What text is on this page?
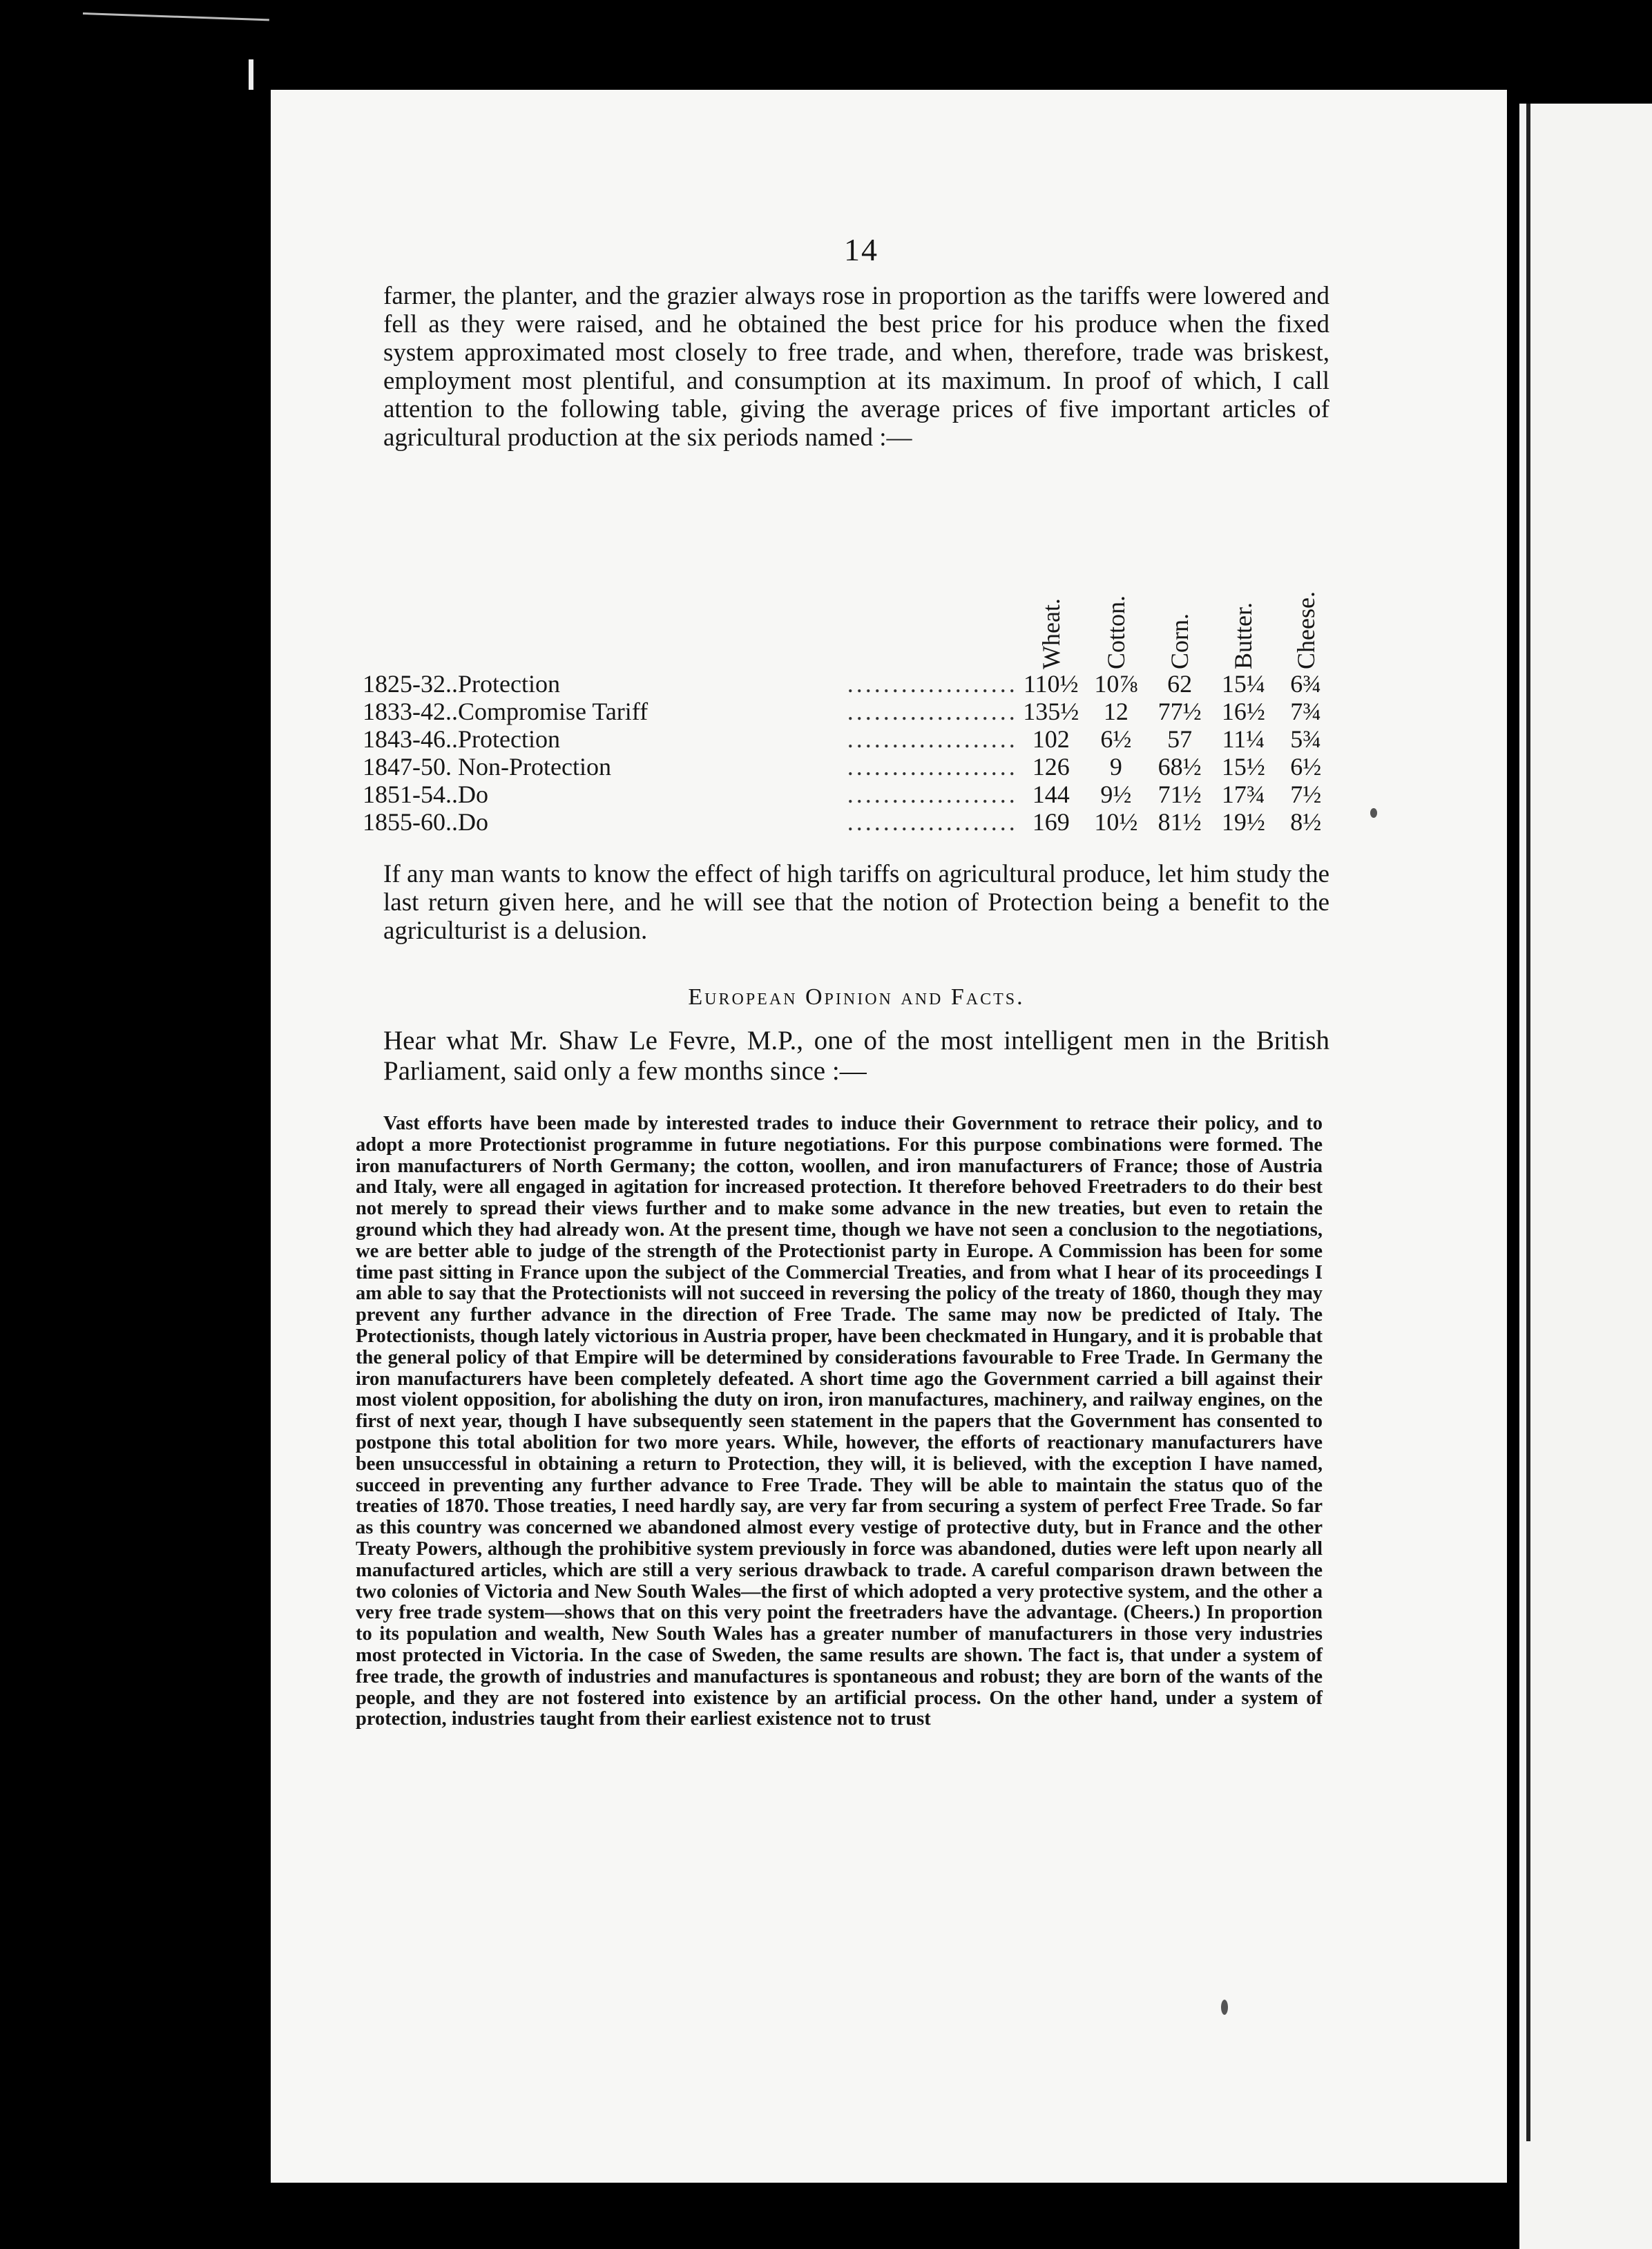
14

farmer, the planter, and the grazier always rose in proportion as the tariffs were lowered and fell as they were raised, and he obtained the best price for his produce when the fixed system approximated most closely to free trade, and when, therefore, trade was briskest, employment most plentiful, and consumption at its maximum. In proof of which, I call attention to the following table, giving the average prices of five important articles of agricultural production at the six periods named :—

			Wheat.	Cotton.	Corn.	Butter.	Cheese.
1825-32..	Protection	...................	110½	10⅞	62	15¼	6¾
1833-42..	Compromise Tariff	...................	135½	12	77½	16½	7¾
1843-46..	Protection	...................	102	6½	57	11¼	5¾
1847-50.	Non-Protection	...................	126	9	68½	15½	6½
1851-54..	Do	...................	144	9½	71½	17¾	7½
1855-60..	Do	...................	169	10½	81½	19½	8½

If any man wants to know the effect of high tariffs on agricultural produce, let him study the last return given here, and he will see that the notion of Protection being a benefit to the agriculturist is a delusion.

European Opinion and Facts.

Hear what Mr. Shaw Le Fevre, M.P., one of the most intelligent men in the British Parliament, said only a few months since :—

Vast efforts have been made by interested trades to induce their Government to retrace their policy, and to adopt a more Protectionist programme in future negotiations. For this purpose combinations were formed. The iron manufacturers of North Germany; the cotton, woollen, and iron manufacturers of France; those of Austria and Italy, were all engaged in agitation for increased protection. It therefore behoved Freetraders to do their best not merely to spread their views further and to make some advance in the new treaties, but even to retain the ground which they had already won. At the present time, though we have not seen a conclusion to the negotiations, we are better able to judge of the strength of the Protectionist party in Europe. A Commission has been for some time past sitting in France upon the subject of the Commercial Treaties, and from what I hear of its proceedings I am able to say that the Protectionists will not succeed in reversing the policy of the treaty of 1860, though they may prevent any further advance in the direction of Free Trade. The same may now be predicted of Italy. The Protectionists, though lately victorious in Austria proper, have been checkmated in Hungary, and it is probable that the general policy of that Empire will be determined by considerations favourable to Free Trade. In Germany the iron manufacturers have been completely defeated. A short time ago the Government carried a bill against their most violent opposition, for abolishing the duty on iron, iron manufactures, machinery, and railway engines, on the first of next year, though I have subsequently seen statement in the papers that the Government has consented to postpone this total abolition for two more years. While, however, the efforts of reactionary manufacturers have been unsuccessful in obtaining a return to Protection, they will, it is believed, with the exception I have named, succeed in preventing any further advance to Free Trade. They will be able to maintain the status quo of the treaties of 1870. Those treaties, I need hardly say, are very far from securing a system of perfect Free Trade. So far as this country was concerned we abandoned almost every vestige of protective duty, but in France and the other Treaty Powers, although the prohibitive system previously in force was abandoned, duties were left upon nearly all manufactured articles, which are still a very serious drawback to trade. A careful comparison drawn between the two colonies of Victoria and New South Wales—the first of which adopted a very protective system, and the other a very free trade system—shows that on this very point the freetraders have the advantage. (Cheers.) In proportion to its population and wealth, New South Wales has a greater number of manufacturers in those very industries most protected in Victoria. In the case of Sweden, the same results are shown. The fact is, that under a system of free trade, the growth of industries and manufactures is spontaneous and robust; they are born of the wants of the people, and they are not fostered into existence by an artificial process. On the other hand, under a system of protection, industries taught from their earliest existence not to trust
